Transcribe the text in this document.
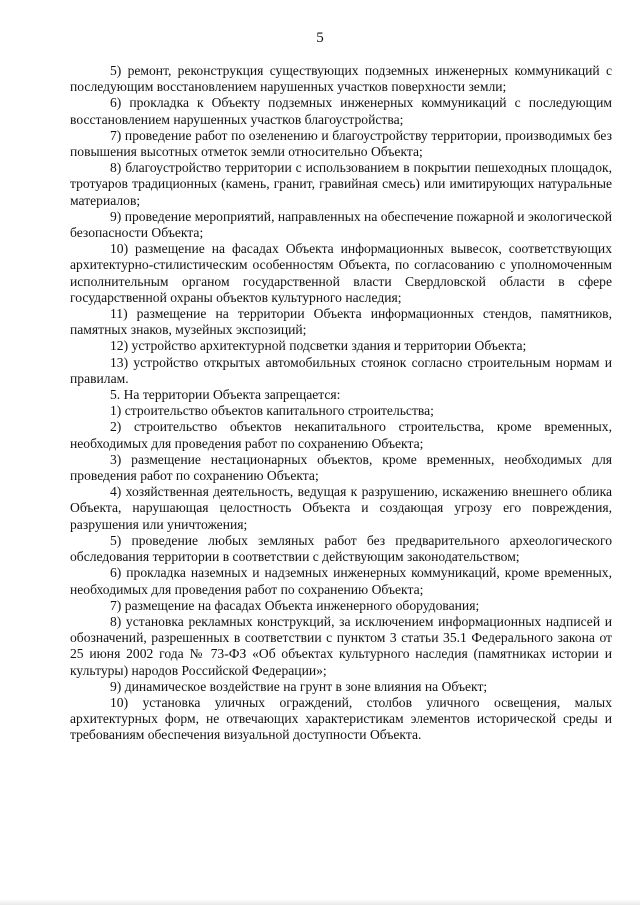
5

5) ремонт, реконструкция существующих подземных инженерных коммуникаций с последующим восстановлением нарушенных участков поверхности земли;

6) прокладка к Объекту подземных инженерных коммуникаций с последующим восстановлением нарушенных участков благоустройства;

7) проведение работ по озеленению и благоустройству территории, производимых без повышения высотных отметок земли относительно Объекта;

8) благоустройство территории с использованием в покрытии пешеходных площадок, тротуаров традиционных (камень, гранит, гравийная смесь) или имитирующих натуральные материалов;

9) проведение мероприятий, направленных на обеспечение пожарной и экологической безопасности Объекта;

10) размещение на фасадах Объекта информационных вывесок, соответствующих архитектурно-стилистическим особенностям Объекта, по согласованию с уполномоченным исполнительным органом государственной власти Свердловской области в сфере государственной охраны объектов культурного наследия;

11) размещение на территории Объекта информационных стендов, памятников, памятных знаков, музейных экспозиций;

12) устройство архитектурной подсветки здания и территории Объекта;

13) устройство открытых автомобильных стоянок согласно строительным нормам и правилам.

5. На территории Объекта запрещается:

1) строительство объектов капитального строительства;

2) строительство объектов некапитального строительства, кроме временных, необходимых для проведения работ по сохранению Объекта;

3) размещение нестационарных объектов, кроме временных, необходимых для проведения работ по сохранению Объекта;

4) хозяйственная деятельность, ведущая к разрушению, искажению внешнего облика Объекта, нарушающая целостность Объекта и создающая угрозу его повреждения, разрушения или уничтожения;

5) проведение любых земляных работ без предварительного археологического обследования территории в соответствии с действующим законодательством;

6) прокладка наземных и надземных инженерных коммуникаций, кроме временных, необходимых для проведения работ по сохранению Объекта;

7) размещение на фасадах Объекта инженерного оборудования;

8) установка рекламных конструкций, за исключением информационных надписей и обозначений, разрешенных в соответствии с пунктом 3 статьи 35.1 Федерального закона от 25 июня 2002 года № 73-ФЗ «Об объектах культурного наследия (памятниках истории и культуры) народов Российской Федерации»;

9) динамическое воздействие на грунт в зоне влияния на Объект;

10) установка уличных ограждений, столбов уличного освещения, малых архитектурных форм, не отвечающих характеристикам элементов исторической среды и требованиям обеспечения визуальной доступности Объекта.
